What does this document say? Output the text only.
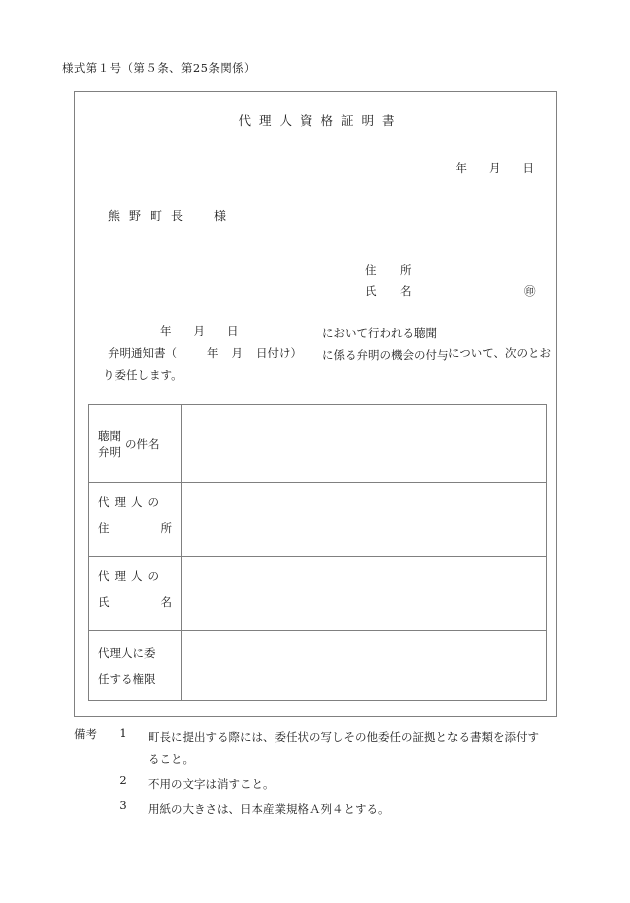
様式第１号（第５条、第25条関係）
代理人資格証明書
年 月 日
熊野町長 様
住　所
氏　名	㊞
年 月 日
弁明通知書（	年 月 日付け）
において行われる聴聞
に係る弁明の機会の付与 について、次のとお
り委任します。
聴聞
弁明
の件名	

代理人の
住 所	

代理人の
氏 名	

代理人に委
任する権限	

備考 1 町長に提出する際には、委任状の写しその他委任の証拠となる書類を添付す
ること。
2 不用の文字は消すこと。
3 用紙の大きさは、日本産業規格Ａ列４とする。
